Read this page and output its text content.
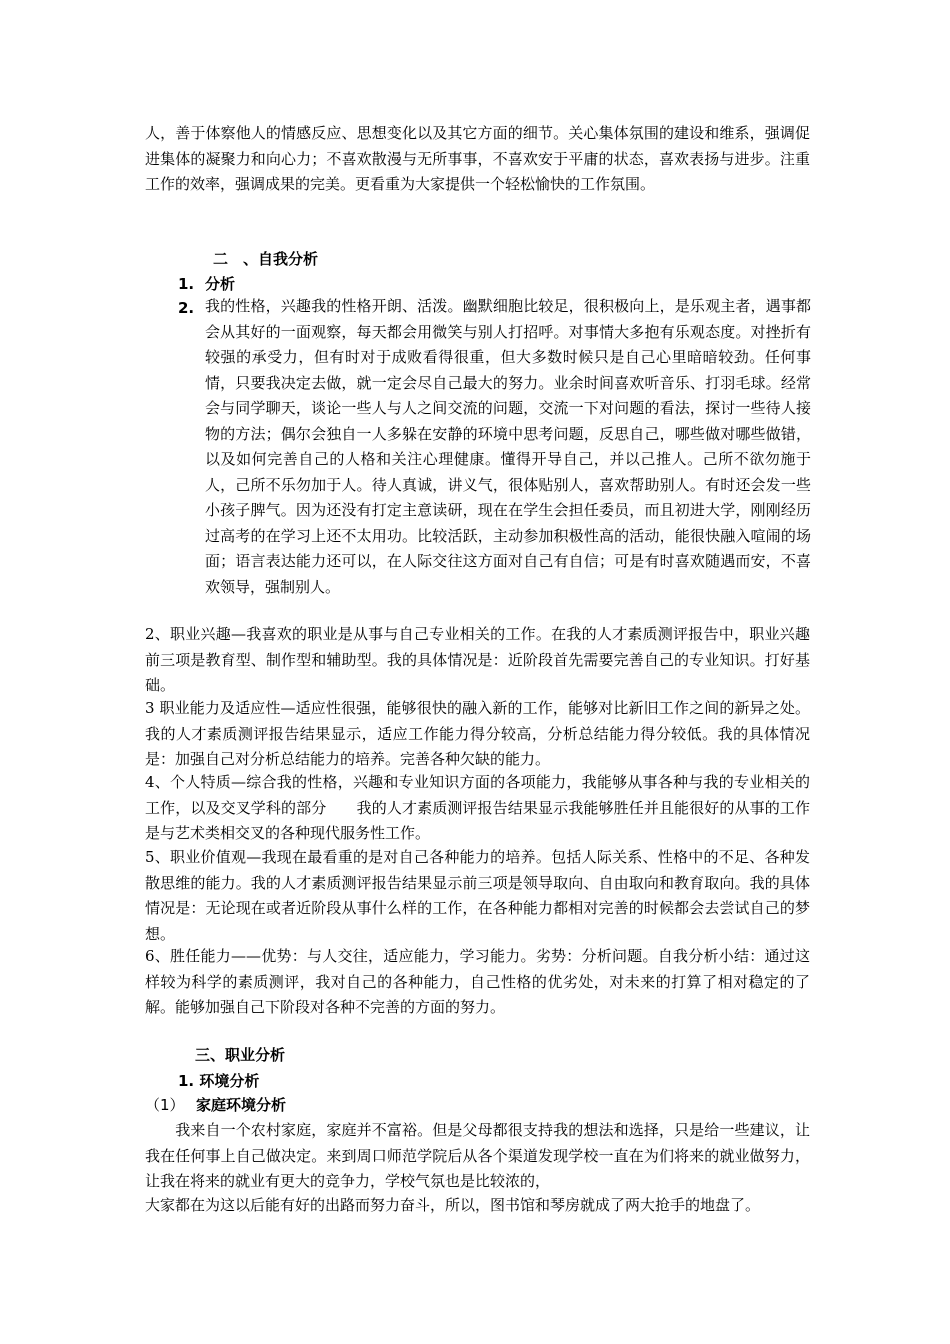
人，善于体察他人的情感反应、思想变化以及其它方面的细节。关心集体氛围的建设和维系，强调促进集体的凝聚力和向心力；不喜欢散漫与无所事事，不喜欢安于平庸的状态，喜欢表扬与进步。注重工作的效率，强调成果的完美。更看重为大家提供一个轻松愉快的工作氛围。

二　、自我分析
1. 分析
2. 我的性格，兴趣我的性格开朗、活泼。幽默细胞比较足，很积极向上，是乐观主者，遇事都会从其好的一面观察，每天都会用微笑与别人打招呼。对事情大多抱有乐观态度。对挫折有较强的承受力，但有时对于成败看得很重，但大多数时候只是自己心里暗暗较劲。任何事情，只要我决定去做，就一定会尽自己最大的努力。业余时间喜欢听音乐、打羽毛球。经常会与同学聊天，谈论一些人与人之间交流的问题，交流一下对问题的看法，探讨一些待人接物的方法；偶尔会独自一人多躲在安静的环境中思考问题，反思自己，哪些做对哪些做错，以及如何完善自己的人格和关注心理健康。懂得开导自己，并以己推人。己所不欲勿施于人，己所不乐勿加于人。待人真诚，讲义气，很体贴别人，喜欢帮助别人。有时还会发一些小孩子脾气。因为还没有打定主意读研，现在在学生会担任委员，而且初进大学，刚刚经历过高考的在学习上还不太用功。比较活跃，主动参加积极性高的活动，能很快融入喧闹的场面；语言表达能力还可以，在人际交往这方面对自己有自信；可是有时喜欢随遇而安，不喜欢领导，强制别人。

2、职业兴趣—我喜欢的职业是从事与自己专业相关的工作。在我的人才素质测评报告中，职业兴趣前三项是教育型、制作型和辅助型。我的具体情况是：近阶段首先需要完善自己的专业知识。打好基础。

3 职业能力及适应性—适应性很强，能够很快的融入新的工作，能够对比新旧工作之间的新异之处。我的人才素质测评报告结果显示，适应工作能力得分较高，分析总结能力得分较低。我的具体情况是：加强自己对分析总结能力的培养。完善各种欠缺的能力。

4、个人特质—综合我的性格，兴趣和专业知识方面的各项能力，我能够从事各种与我的专业相关的工作，以及交叉学科的部分　　我的人才素质测评报告结果显示我能够胜任并且能很好的从事的工作是与艺术类相交叉的各种现代服务性工作。

5、职业价值观—我现在最看重的是对自己各种能力的培养。包括人际关系、性格中的不足、各种发散思维的能力。我的人才素质测评报告结果显示前三项是领导取向、自由取向和教育取向。我的具体情况是：无论现在或者近阶段从事什么样的工作，在各种能力都相对完善的时候都会去尝试自己的梦想。

6、胜任能力——优势：与人交往，适应能力，学习能力。劣势：分析问题。自我分析小结：通过这样较为科学的素质测评，我对自己的各种能力，自己性格的优劣处，对未来的打算了相对稳定的了解。能够加强自己下阶段对各种不完善的方面的努力。

三、职业分析
1. 环境分析
（1） 家庭环境分析

　　我来自一个农村家庭，家庭并不富裕。但是父母都很支持我的想法和选择，只是给一些建议，让我在任何事上自己做决定。来到周口师范学院后从各个渠道发现学校一直在为们将来的就业做努力，让我在将来的就业有更大的竞争力，学校气氛也是比较浓的，

大家都在为这以后能有好的出路而努力奋斗，所以，图书馆和琴房就成了两大抢手的地盘了。
